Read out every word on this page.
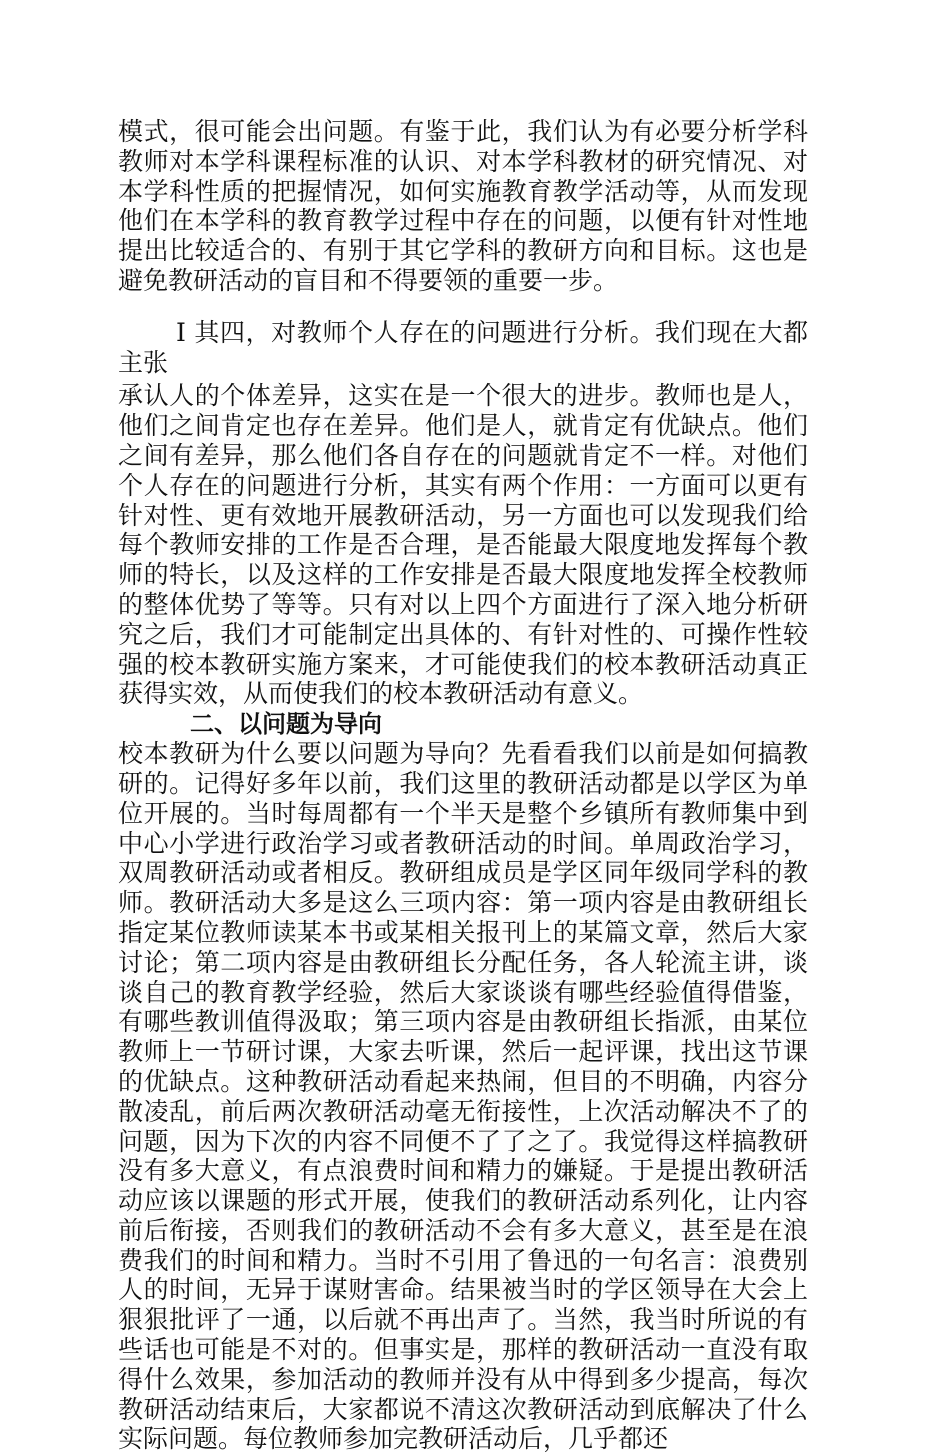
模式，很可能会出问题。有鉴于此，我们认为有必要分析学科教师对本学科课程标准的认识、对本学科教材的研究情况、对本学科性质的把握情况，如何实施教育教学活动等，从而发现他们在本学科的教育教学过程中存在的问题，以便有针对性地提出比较适合的、有别于其它学科的教研方向和目标。这也是避免教研活动的盲目和不得要领的重要一步。

I 其四，对教师个人存在的问题进行分析。我们现在大都主张

承认人的个体差异，这实在是一个很大的进步。教师也是人，他们之间肯定也存在差异。他们是人，就肯定有优缺点。他们之间有差异，那么他们各自存在的问题就肯定不一样。对他们个人存在的问题进行分析，其实有两个作用：一方面可以更有针对性、更有效地开展教研活动，另一方面也可以发现我们给每个教师安排的工作是否合理，是否能最大限度地发挥每个教师的特长，以及这样的工作安排是否最大限度地发挥全校教师的整体优势了等等。只有对以上四个方面进行了深入地分析研究之后，我们才可能制定出具体的、有针对性的、可操作性较强的校本教研实施方案来，才可能使我们的校本教研活动真正获得实效，从而使我们的校本教研活动有意义。

二、以问题为导向

校本教研为什么要以问题为导向？先看看我们以前是如何搞教研的。记得好多年以前，我们这里的教研活动都是以学区为单位开展的。当时每周都有一个半天是整个乡镇所有教师集中到中心小学进行政治学习或者教研活动的时间。单周政治学习，双周教研活动或者相反。教研组成员是学区同年级同学科的教师。教研活动大多是这么三项内容：第一项内容是由教研组长指定某位教师读某本书或某相关报刊上的某篇文章，然后大家讨论；第二项内容是由教研组长分配任务，各人轮流主讲，谈谈自己的教育教学经验，然后大家谈谈有哪些经验值得借鉴，有哪些教训值得汲取；第三项内容是由教研组长指派，由某位教师上一节研讨课，大家去听课，然后一起评课，找出这节课的优缺点。这种教研活动看起来热闹，但目的不明确，内容分散凌乱，前后两次教研活动毫无衔接性，上次活动解决不了的问题，因为下次的内容不同便不了了之了。我觉得这样搞教研没有多大意义，有点浪费时间和精力的嫌疑。于是提出教研活动应该以课题的形式开展，使我们的教研活动系列化，让内容前后衔接，否则我们的教研活动不会有多大意义，甚至是在浪费我们的时间和精力。当时不引用了鲁迅的一句名言：浪费别人的时间，无异于谋财害命。结果被当时的学区领导在大会上狠狠批评了一通，以后就不再出声了。当然，我当时所说的有些话也可能是不对的。但事实是，那样的教研活动一直没有取得什么效果，参加活动的教师并没有从中得到多少提高，每次教研活动结束后，大家都说不清这次教研活动到底解决了什么实际问题。每位教师参加完教研活动后，几乎都还
